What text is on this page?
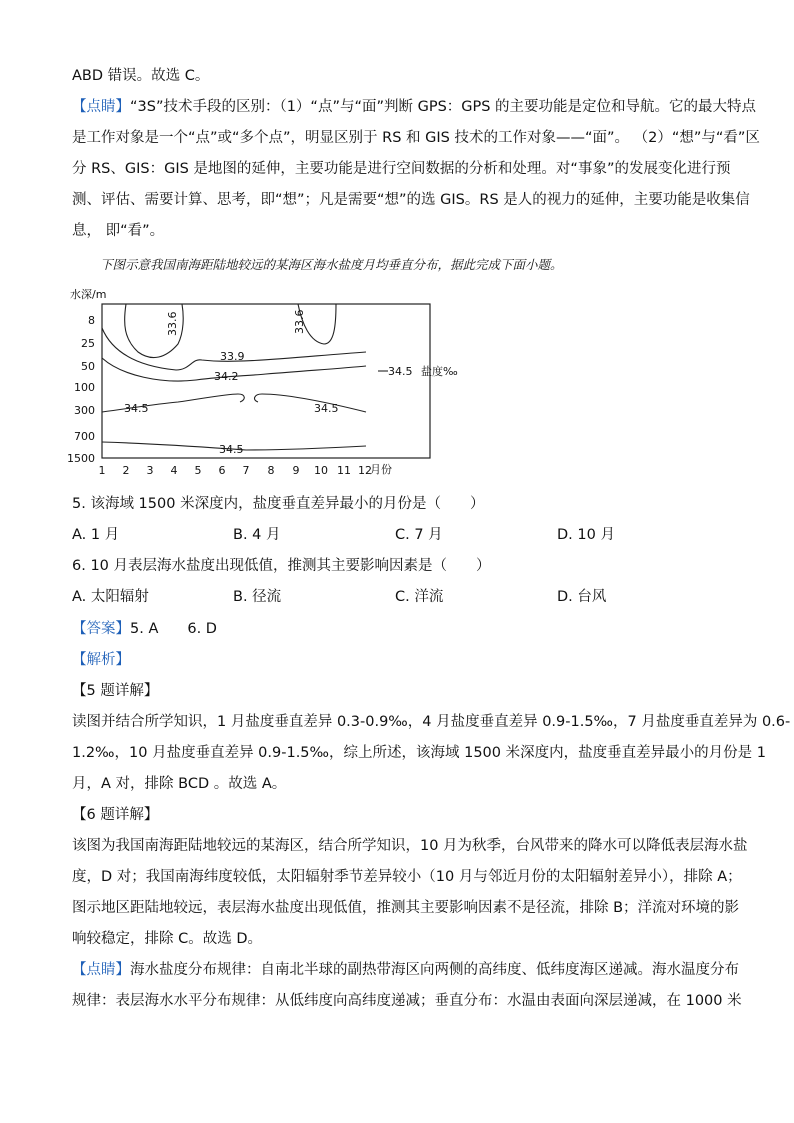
ABD 错误。故选 C。
【点睛】“3S”技术手段的区别：（1）“点”与“面”判断 GPS：GPS 的主要功能是定位和导航。它的最大特点
是工作对象是一个“点”或“多个点”，明显区别于 RS 和 GIS 技术的工作对象——“面”。 （2）“想”与“看”区
分 RS、GIS：GIS 是地图的延伸，主要功能是进行空间数据的分析和处理。对“事象”的发展变化进行预
测、评估、需要计算、思考，即“想”；凡是需要“想”的选 GIS。RS 是人的视力的延伸，主要功能是收集信
息， 即“看”。
下图示意我国南海距陆地较远的某海区海水盐度月均垂直分布，据此完成下面小题。
水深/m
8
25
50
100
300
700
1500
1 2 3 4 5 6 7 8 9 10 11 12
月份
33.6	33.6
33.9
34.2
34.5	34.5
34.5
34.5 盐度‰
5. 该海域 1500 米深度内，盐度垂直差异最小的月份是（　　）
A. 1 月	B. 4 月	C. 7 月	D. 10 月
6. 10 月表层海水盐度出现低值，推测其主要影响因素是（　　）
A. 太阳辐射	B. 径流	C. 洋流	D. 台风
【答案】5. A　　6. D
【解析】
【5 题详解】
读图并结合所学知识，1 月盐度垂直差异 0.3-0.9‰，4 月盐度垂直差异 0.9-1.5‰，7 月盐度垂直差异为 0.6-
1.2‰，10 月盐度垂直差异 0.9-1.5‰，综上所述，该海域 1500 米深度内，盐度垂直差异最小的月份是 1
月，A 对，排除 BCD 。故选 A。
【6 题详解】
该图为我国南海距陆地较远的某海区，结合所学知识，10 月为秋季，台风带来的降水可以降低表层海水盐
度，D 对；我国南海纬度较低，太阳辐射季节差异较小（10 月与邻近月份的太阳辐射差异小），排除 A；
图示地区距陆地较远，表层海水盐度出现低值，推测其主要影响因素不是径流，排除 B；洋流对环境的影
响较稳定，排除 C。故选 D。
【点睛】海水盐度分布规律：自南北半球的副热带海区向两侧的高纬度、低纬度海区递减。海水温度分布
规律：表层海水水平分布规律：从低纬度向高纬度递减；垂直分布：水温由表面向深层递减，在 1000 米
